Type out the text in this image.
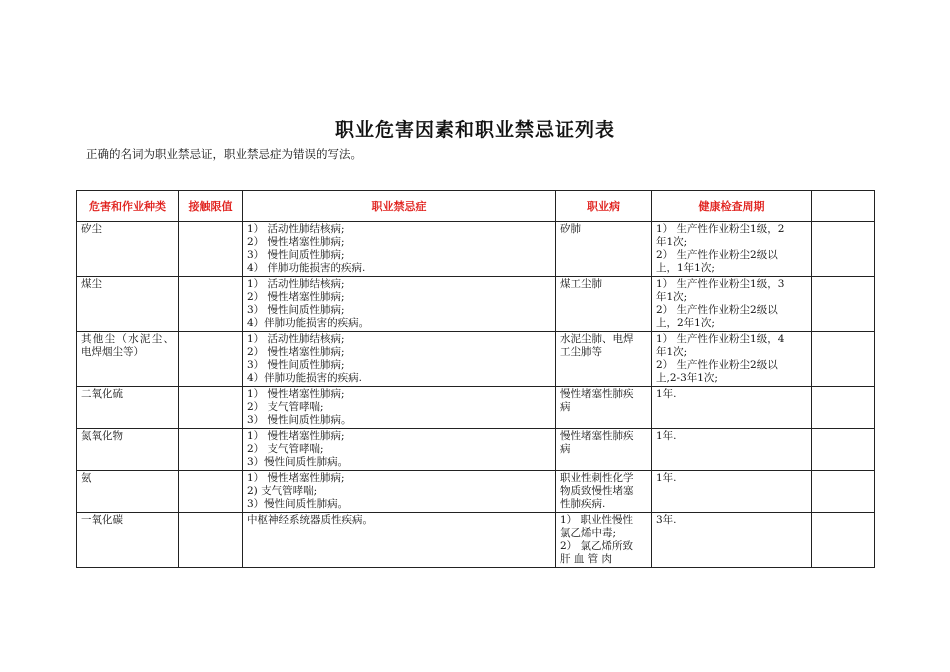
职业危害因素和职业禁忌证列表
正确的名词为职业禁忌证，职业禁忌症为错误的写法。
危害和作业种类	接触限值	职业禁忌症	职业病	健康检查周期	

矽尘		1） 活动性肺结核病;
2） 慢性堵塞性肺病;
3） 慢性间质性肺病;
4） 伴肺功能损害的疾病.	矽肺	1） 生产性作业粉尘1级，2
年1次;
2） 生产性作业粉尘2级以
上，1年1次;	

煤尘		1） 活动性肺结核病;
2） 慢性堵塞性肺病;
3） 慢性间质性肺病;
4）伴肺功能损害的疾病。	煤工尘肺	1） 生产性作业粉尘1级，3
年1次;
2） 生产性作业粉尘2级以
上，2年1次;	

其他尘（水泥尘、电焊烟尘等）		1） 活动性肺结核病;
2） 慢性堵塞性肺病;
3） 慢性间质性肺病;
4）伴肺功能损害的疾病.	水泥尘肺、电焊
工尘肺等	1） 生产性作业粉尘1级，4
年1次;
2） 生产性作业粉尘2级以
上,2-3年1次;	

二氧化硫		1） 慢性堵塞性肺病;
2） 支气管哮喘;
3） 慢性间质性肺病。	慢性堵塞性肺疾
病	1年.	

氮氧化物		1） 慢性堵塞性肺病;
2） 支气管哮喘;
3）慢性间质性肺病。	慢性堵塞性肺疾
病	1年.	

氨		1） 慢性堵塞性肺病;
2) 支气管哮喘;
3）慢性间质性肺病。	职业性刺性化学
物质致慢性堵塞
性肺疾病.	1年.	

一氧化碳		中枢神经系统器质性疾病。	1） 职业性慢性
氯乙烯中毒;
2） 氯乙烯所致
肝 血 管 肉	3年.	
